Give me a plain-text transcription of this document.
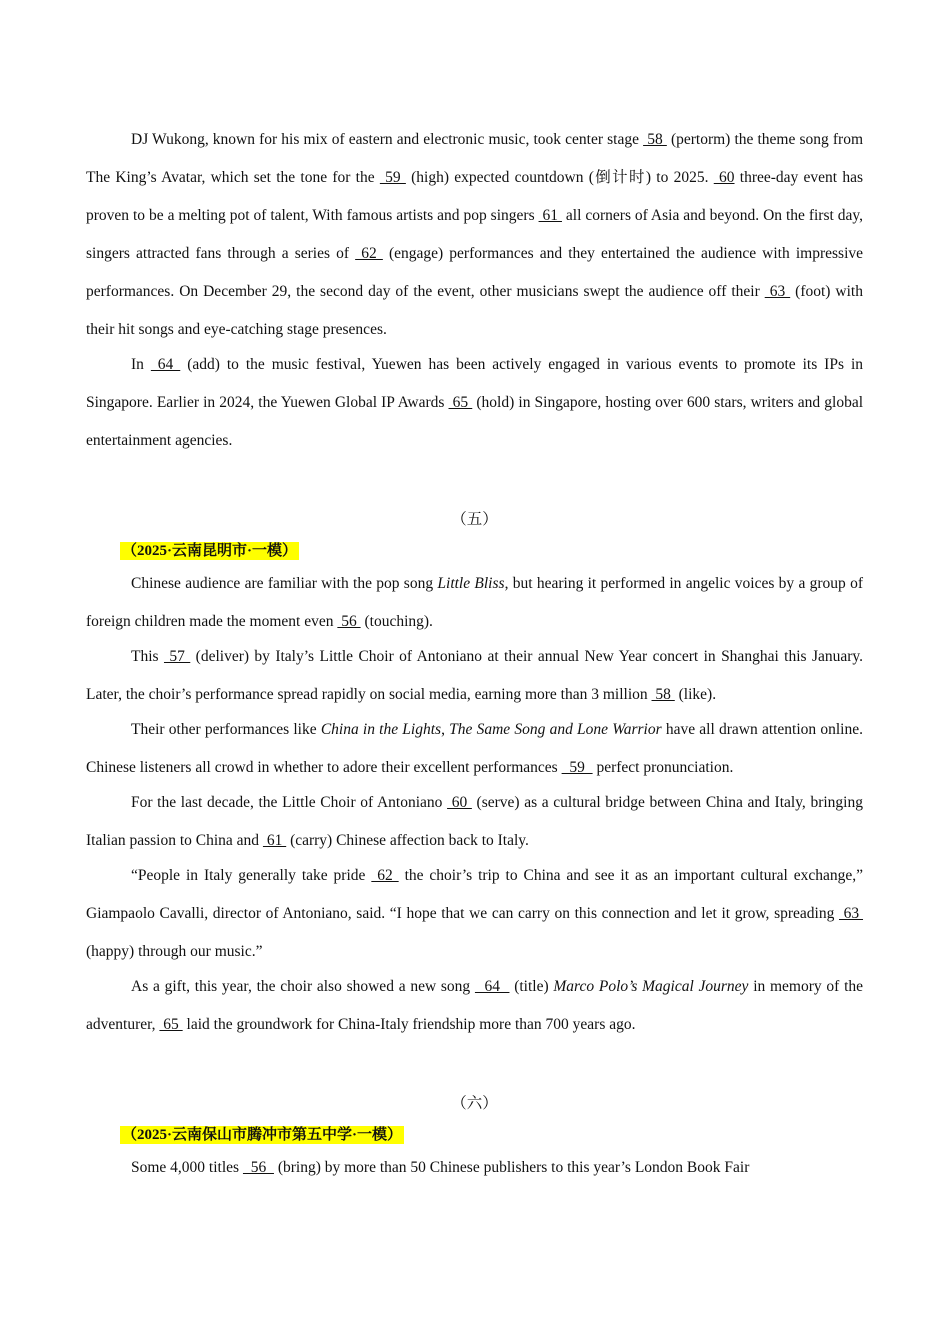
DJ Wukong, known for his mix of eastern and electronic music, took center stage  58  (pertorm) the theme song from The King’s Avatar, which set the tone for the  59  (high) expected countdown (倒计时) to 2025.  60 three-day event has proven to be a melting pot of talent, With famous artists and pop singers  61  all corners of Asia and beyond. On the first day, singers attracted fans through a series of  62  (engage) performances and they entertained the audience with impressive performances. On December 29, the second day of the event, other musicians swept the audience off their  63  (foot) with their hit songs and eye-catching stage presences.

In  64  (add) to the music festival, Yuewen has been actively engaged in various events to promote its IPs in Singapore. Earlier in 2024, the Yuewen Global IP Awards  65  (hold) in Singapore, hosting over 600 stars, writers and global entertainment agencies.

（五）
（2025·云南昆明市·一模）

Chinese audience are familiar with the pop song Little Bliss, but hearing it performed in angelic voices by a group of foreign children made the moment even  56  (touching).

This  57  (deliver) by Italy’s Little Choir of Antoniano at their annual New Year concert in Shanghai this January. Later, the choir’s performance spread rapidly on social media, earning more than 3 million  58  (like).

Their other performances like China in the Lights, The Same Song and Lone Warrior have all drawn attention online. Chinese listeners all crowd in whether to adore their excellent performances   59   perfect pronunciation.

For the last decade, the Little Choir of Antoniano  60  (serve) as a cultural bridge between China and Italy, bringing Italian passion to China and  61  (carry) Chinese affection back to Italy.

“People in Italy generally take pride  62  the choir’s trip to China and see it as an important cultural exchange,” Giampaolo Cavalli, director of Antoniano, said. “I hope that we can carry on this connection and let it grow, spreading  63  (happy) through our music.”

As a gift, this year, the choir also showed a new song   64   (title) Marco Polo’s Magical Journey in memory of the adventurer,  65  laid the groundwork for China-Italy friendship more than 700 years ago.

（六）
（2025·云南保山市腾冲市第五中学·一模）

Some 4,000 titles   56   (bring) by more than 50 Chinese publishers to this year’s London Book Fair
